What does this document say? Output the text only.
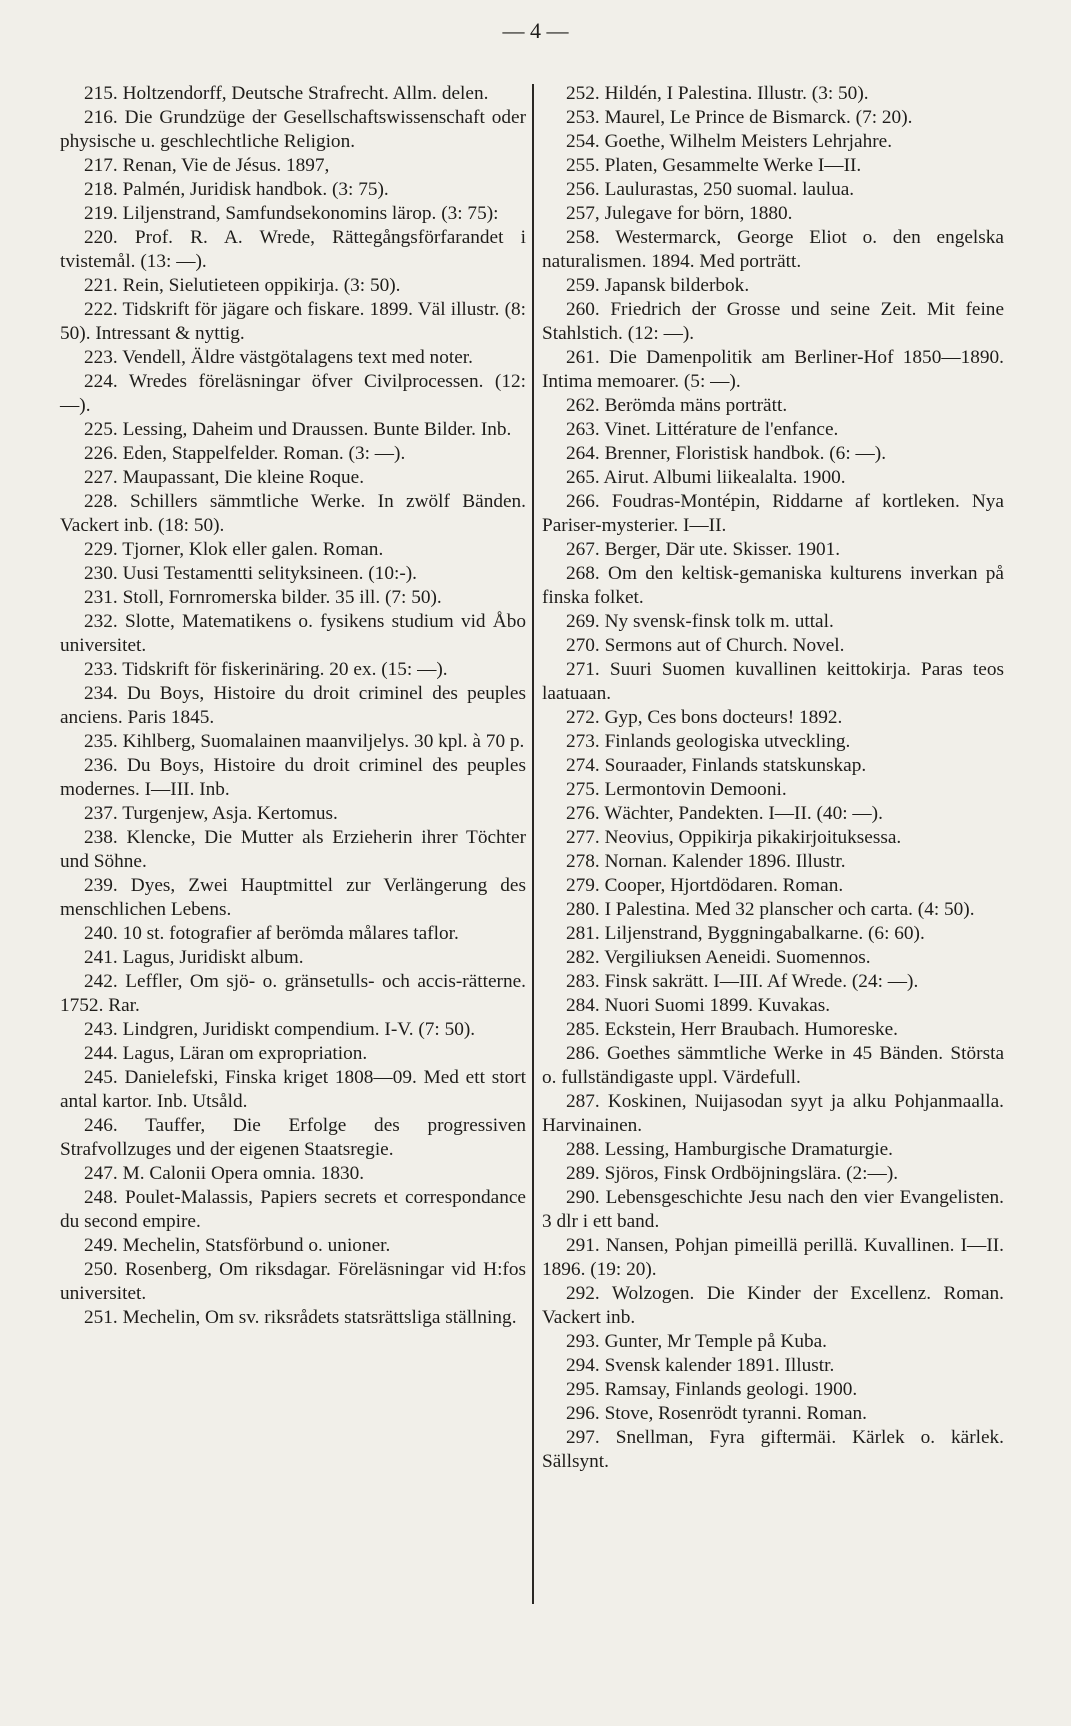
— 4 —

215. Holtzendorff, Deutsche Strafrecht. Allm. delen.

216. Die Grundzüge der Gesellschaftswissenschaft oder physische u. geschlechtliche Religion.

217. Renan, Vie de Jésus. 1897,

218. Palmén, Juridisk handbok. (3: 75).

219. Liljenstrand, Samfundsekonomins lärор. (3: 75):

220. Prof. R. A. Wrede, Rättegångsförfarandet i tvistemål. (13: —).

221. Rein, Sielutieteen oppikirja. (3: 50).

222. Tidskrift för jägare och fiskare. 1899. Väl illustr. (8: 50). Intressant & nyttig.

223. Vendell, Äldre västgötalagens text med noter.

224. Wredes föreläsningar öfver Civilprocessen. (12: —).

225. Lessing, Daheim und Draussen. Bunte Bilder. Inb.

226. Eden, Stappelfelder. Roman. (3: —).

227. Maupassant, Die kleine Roque.

228. Schillers sämmtliche Werke. In zwölf Bänden. Vackert inb. (18: 50).

229. Tjorner, Klok eller galen. Roman.

230. Uusi Testamentti selityksineen. (10:-).

231. Stoll, Fornromerska bilder. 35 ill. (7: 50).

232. Slotte, Matematikens o. fysikens studium vid Åbo universitet.

233. Tidskrift för fiskerinäring. 20 ex. (15: —).

234. Du Boys, Histoire du droit criminel des peuples anciens. Paris 1845.

235. Kihlberg, Suomalainen maanviljelys. 30 kpl. à 70 p.

236. Du Boys, Histoire du droit criminel des peuples modernes. I—III. Inb.

237. Turgenjew, Asja. Kertomus.

238. Klencke, Die Mutter als Erzieherin ihrer Töchter und Söhne.

239. Dyes, Zwei Hauptmittel zur Verlängerung des menschlichen Lebens.

240. 10 st. fotografier af berömda målares taflor.

241. Lagus, Juridiskt album.

242. Leffler, Om sjö- o. gränsetulls- och accis-rätterne. 1752. Rar.

243. Lindgren, Juridiskt compendium. I-V. (7: 50).

244. Lagus, Läran om expropriation.

245. Danielefski, Finska kriget 1808—09. Med ett stort antal kartor. Inb. Utsåld.

246. Tauffer, Die Erfolge des progressiven Strafvollzuges und der eigenen Staatsregie.

247. M. Calonii Opera omnia. 1830.

248. Poulet-Malassis, Papiers secrets et correspondance du second empire.

249. Mechelin, Statsförbund o. unioner.

250. Rosenberg, Om riksdagar. Föreläsningar vid H:fos universitet.

251. Mechelin, Om sv. riksrådets statsrättsliga ställning.

252. Hildén, I Palestina. Illustr. (3: 50).

253. Maurel, Le Prince de Bismarck. (7: 20).

254. Goethe, Wilhelm Meisters Lehrjahre.

255. Platen, Gesammelte Werke I—II.

256. Laulurastas, 250 suomal. laulua.

257, Julegave for börn, 1880.

258. Westermarck, George Eliot o. den engelska naturalismen. 1894. Med porträtt.

259. Japansk bilderbok.

260. Friedrich der Grosse und seine Zeit. Mit feine Stahlstich. (12: —).

261. Die Damenpolitik am Berliner-Hof 1850—1890. Intima memoarer. (5: —).

262. Berömda mäns porträtt.

263. Vinet. Littérature de l'enfance.

264. Brenner, Floristisk handbok. (6: —).

265. Airut. Albumi liikealalta. 1900.

266. Foudras-Montépin, Riddarne af kortleken. Nya Pariser-mysterier. I—II.

267. Berger, Där ute. Skisser. 1901.

268. Om den keltisk-gemaniska kulturens inverkan på finska folket.

269. Ny svensk-finsk tolk m. uttal.

270. Sermons aut of Church. Novel.

271. Suuri Suomen kuvallinen keittokirja. Paras teos laatuaan.

272. Gyp, Ces bons docteurs! 1892.

273. Finlands geologiska utveckling.

274. Souraader, Finlands statskunskap.

275. Lermontovin Demooni.

276. Wächter, Pandekten. I—II. (40: —).

277. Neovius, Oppikirja pikakirjoituksessa.

278. Nornan. Kalender 1896. Illustr.

279. Cooper, Hjortdödaren. Roman.

280. I Palestina. Med 32 planscher och carta. (4: 50).

281. Liljenstrand, Byggningabalkarne. (6: 60).

282. Vergiliuksen Aeneidi. Suomennos.

283. Finsk sakrätt. I—III. Af Wrede. (24: —).

284. Nuori Suomi 1899. Kuvakas.

285. Eckstein, Herr Braubach. Humoreske.

286. Goethes sämmtliche Werke in 45 Bänden. Största o. fullständigaste uppl. Värdefull.

287. Koskinen, Nuijasodan syyt ja alku Pohjanmaalla. Harvinainen.

288. Lessing, Hamburgische Dramaturgie.

289. Sjöros, Finsk Ordböjningslära. (2:—).

290. Lebensgeschichte Jesu nach den vier Evangelisten. 3 dlr i ett band.

291. Nansen, Pohjan pimeillä perillä. Kuvallinen. I—II. 1896. (19: 20).

292. Wolzogen. Die Kinder der Excellenz. Roman. Vackert inb.

293. Gunter, Mr Temple på Kuba.

294. Svensk kalender 1891. Illustr.

295. Ramsay, Finlands geologi. 1900.

296. Stove, Rosenrödt tyranni. Roman.

297. Snellman, Fyra giftermäi. Kärlek o. kärlek. Sällsynt.
